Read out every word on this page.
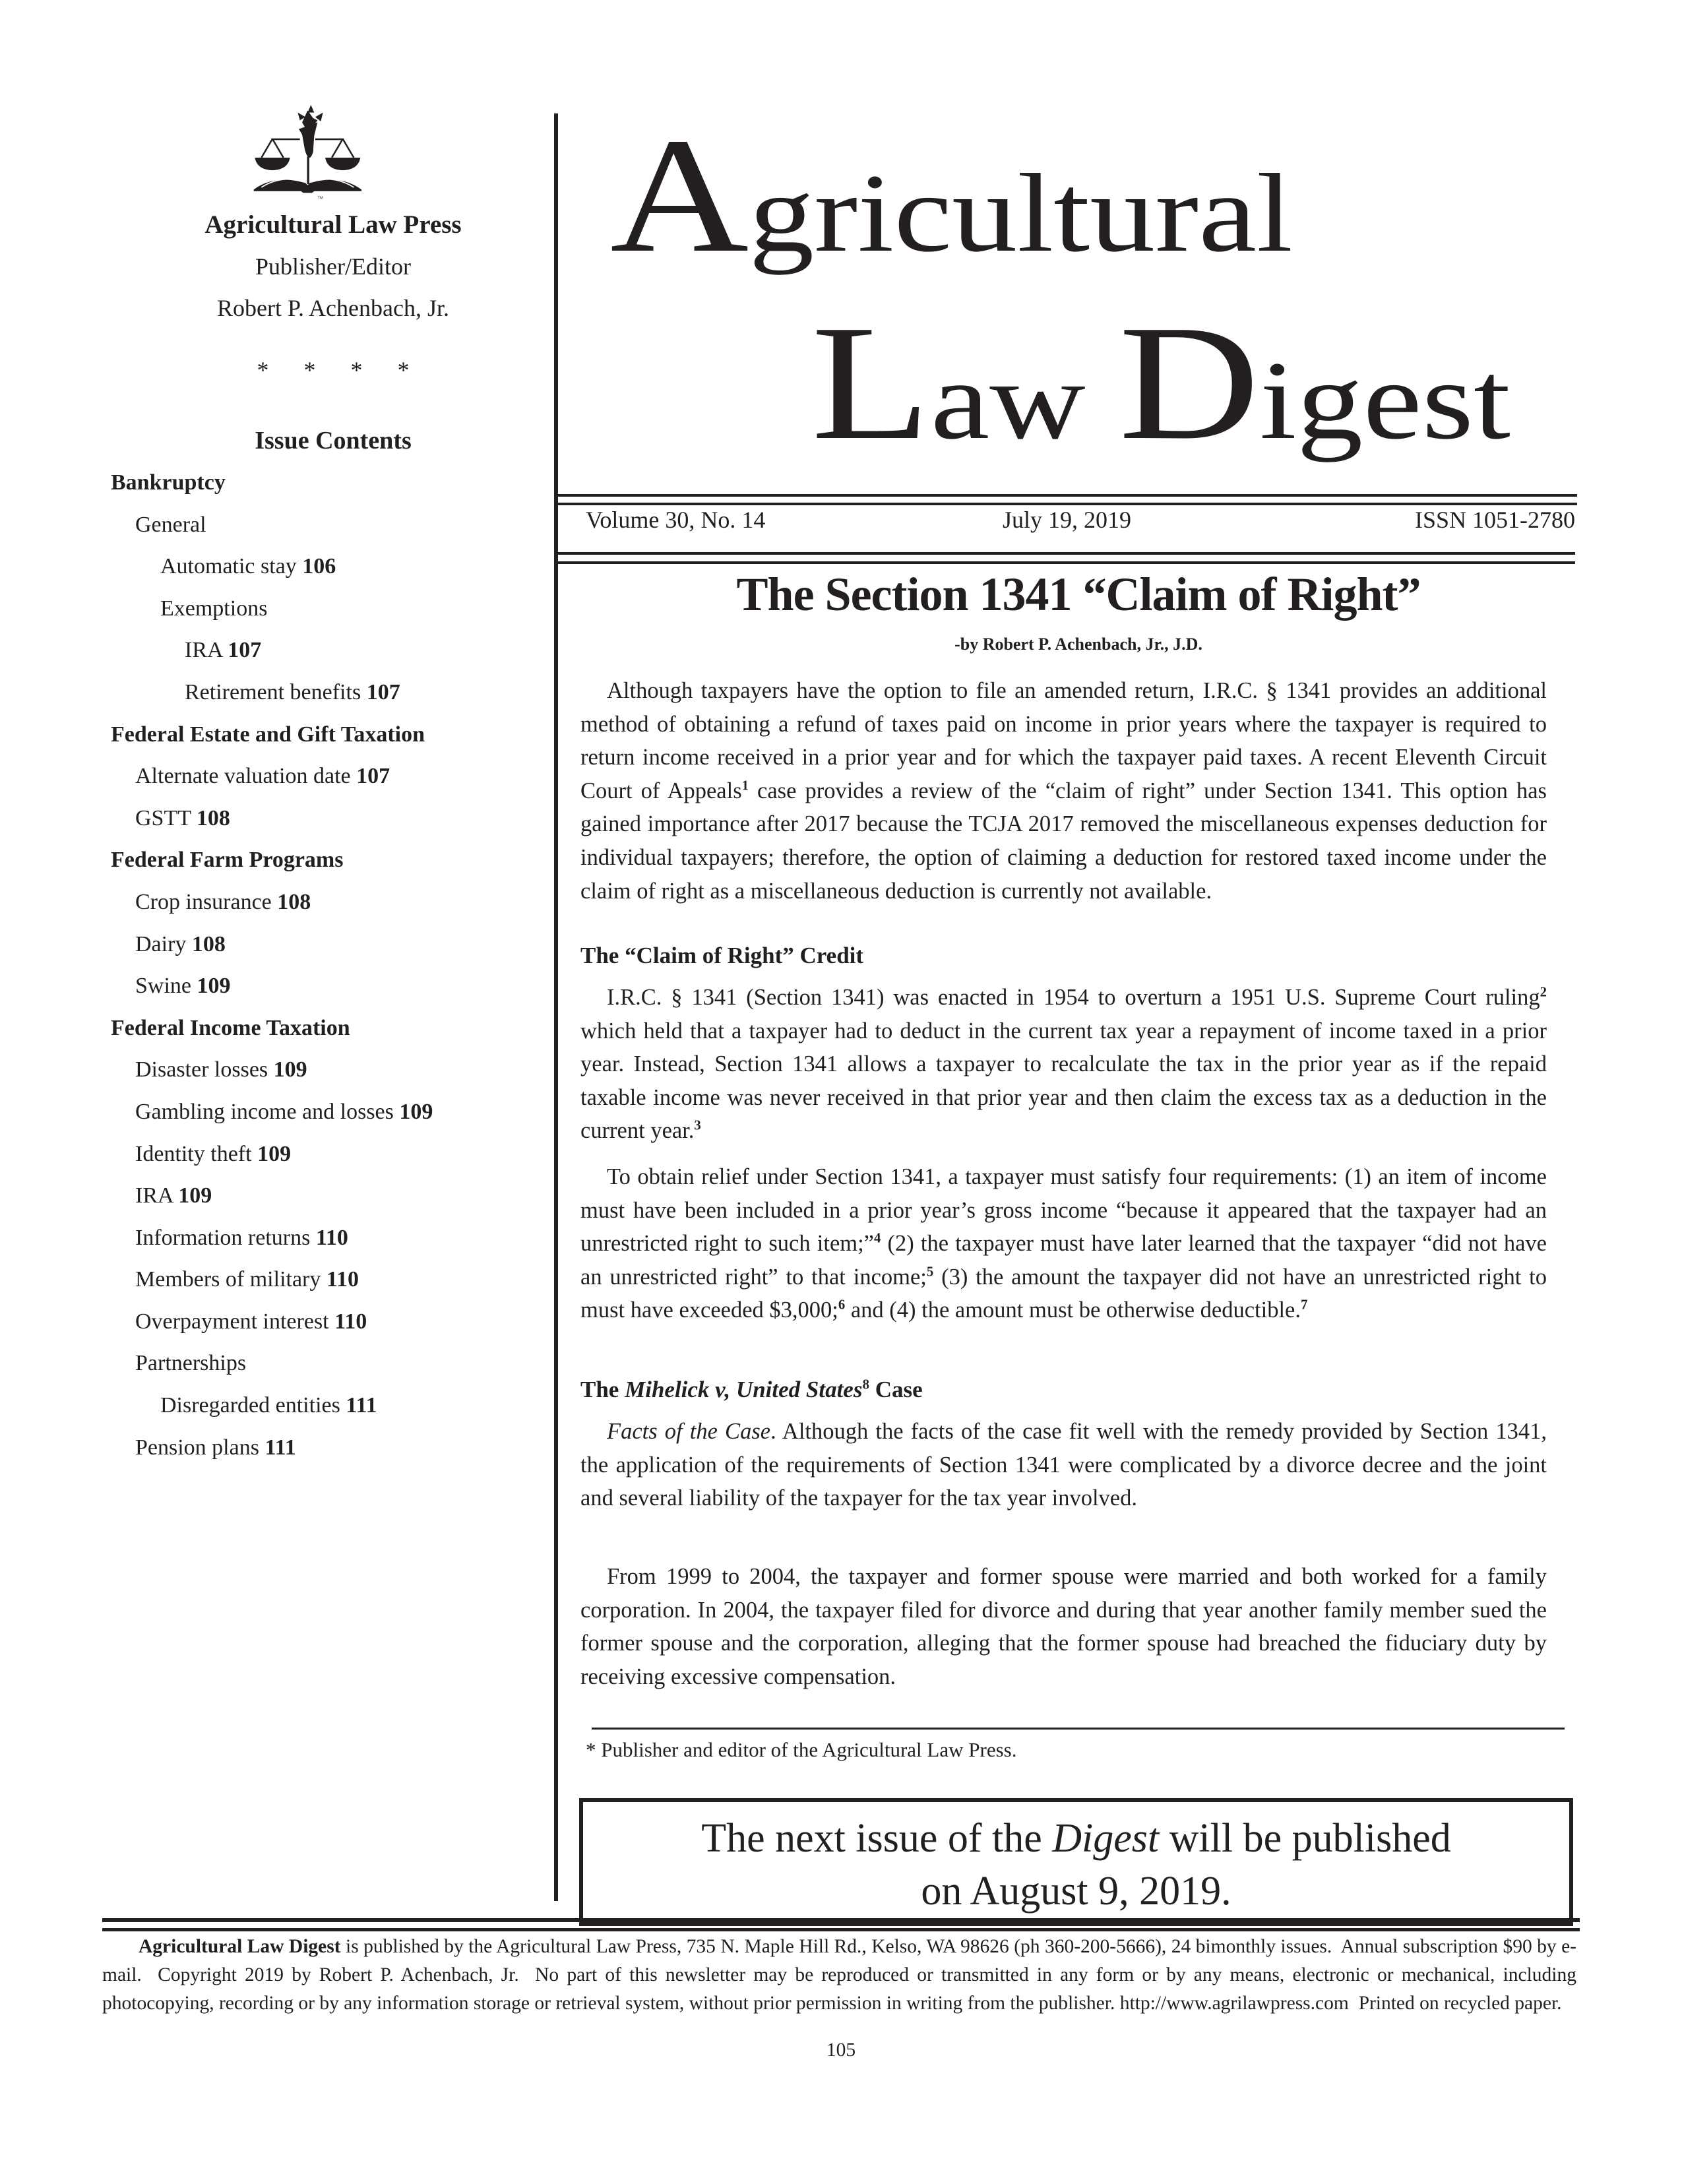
TM
Agricultural Law Press
Publisher/Editor
Robert P. Achenbach, Jr.
* * * *
Issue Contents
Bankruptcy
General
Automatic stay 106
Exemptions
IRA 107
Retirement benefits 107
Federal Estate and Gift Taxation
Alternate valuation date 107
GSTT 108
Federal Farm Programs
Crop insurance 108
Dairy 108
Swine 109
Federal Income Taxation
Disaster losses 109
Gambling income and losses 109
Identity theft 109
IRA 109
Information returns 110
Members of military 110
Overpayment interest 110
Partnerships
Disregarded entities 111
Pension plans 111
Agricultural
Law Digest
Volume 30, No. 14	July 19, 2019	ISSN 1051-2780
The Section 1341 “Claim of Right”
-by Robert P. Achenbach, Jr., J.D.

Although taxpayers have the option to file an amended return, I.R.C. § 1341 provides an additional method of obtaining a refund of taxes paid on income in prior years where the taxpayer is required to return income received in a prior year and for which the taxpayer paid taxes. A recent Eleventh Circuit Court of Appeals$^1$ case provides a review of the “claim of right” under Section 1341. This option has gained importance after 2017 because the TCJA 2017 removed the miscellaneous expenses deduction for individual taxpayers; therefore, the option of claiming a deduction for restored taxed income under the claim of right as a miscellaneous deduction is currently not available.

The “Claim of Right” Credit

I.R.C. § 1341 (Section 1341) was enacted in 1954 to overturn a 1951 U.S. Supreme Court ruling$^2$ which held that a taxpayer had to deduct in the current tax year a repayment of income taxed in a prior year. Instead, Section 1341 allows a taxpayer to recalculate the tax in the prior year as if the repaid taxable income was never received in that prior year and then claim the excess tax as a deduction in the current year.$^3$

To obtain relief under Section 1341, a taxpayer must satisfy four requirements: (1) an item of income must have been included in a prior year’s gross income “because it appeared that the taxpayer had an unrestricted right to such item;”$^4$ (2) the taxpayer must have later learned that the taxpayer “did not have an unrestricted right” to that income;$^5$ (3) the amount the taxpayer did not have an unrestricted right to must have exceeded $3,000;$^6$ and (4) the amount must be otherwise deductible.$^7$

The Mihelick v, United States$^8$ Case

Facts of the Case. Although the facts of the case fit well with the remedy provided by Section 1341, the application of the requirements of Section 1341 were complicated by a divorce decree and the joint and several liability of the taxpayer for the tax year involved.

From 1999 to 2004, the taxpayer and former spouse were married and both worked for a family corporation. In 2004, the taxpayer filed for divorce and during that year another family member sued the former spouse and the corporation, alleging that the former spouse had breached the fiduciary duty by receiving excessive compensation.

* Publisher and editor of the Agricultural Law Press.
The next issue of the Digest will be published
on August 9, 2019.

Agricultural Law Digest is published by the Agricultural Law Press, 735 N. Maple Hill Rd., Kelso, WA 98626 (ph 360-200-5666), 24 bimonthly issues.  Annual subscription $90 by e-mail.  Copyright 2019 by Robert P. Achenbach, Jr.  No part of this newsletter may be reproduced or transmitted in any form or by any means, electronic or mechanical, including photocopying, recording or by any information storage or retrieval system, without prior permission in writing from the publisher. http://www.agrilawpress.com  Printed on recycled paper.

105
